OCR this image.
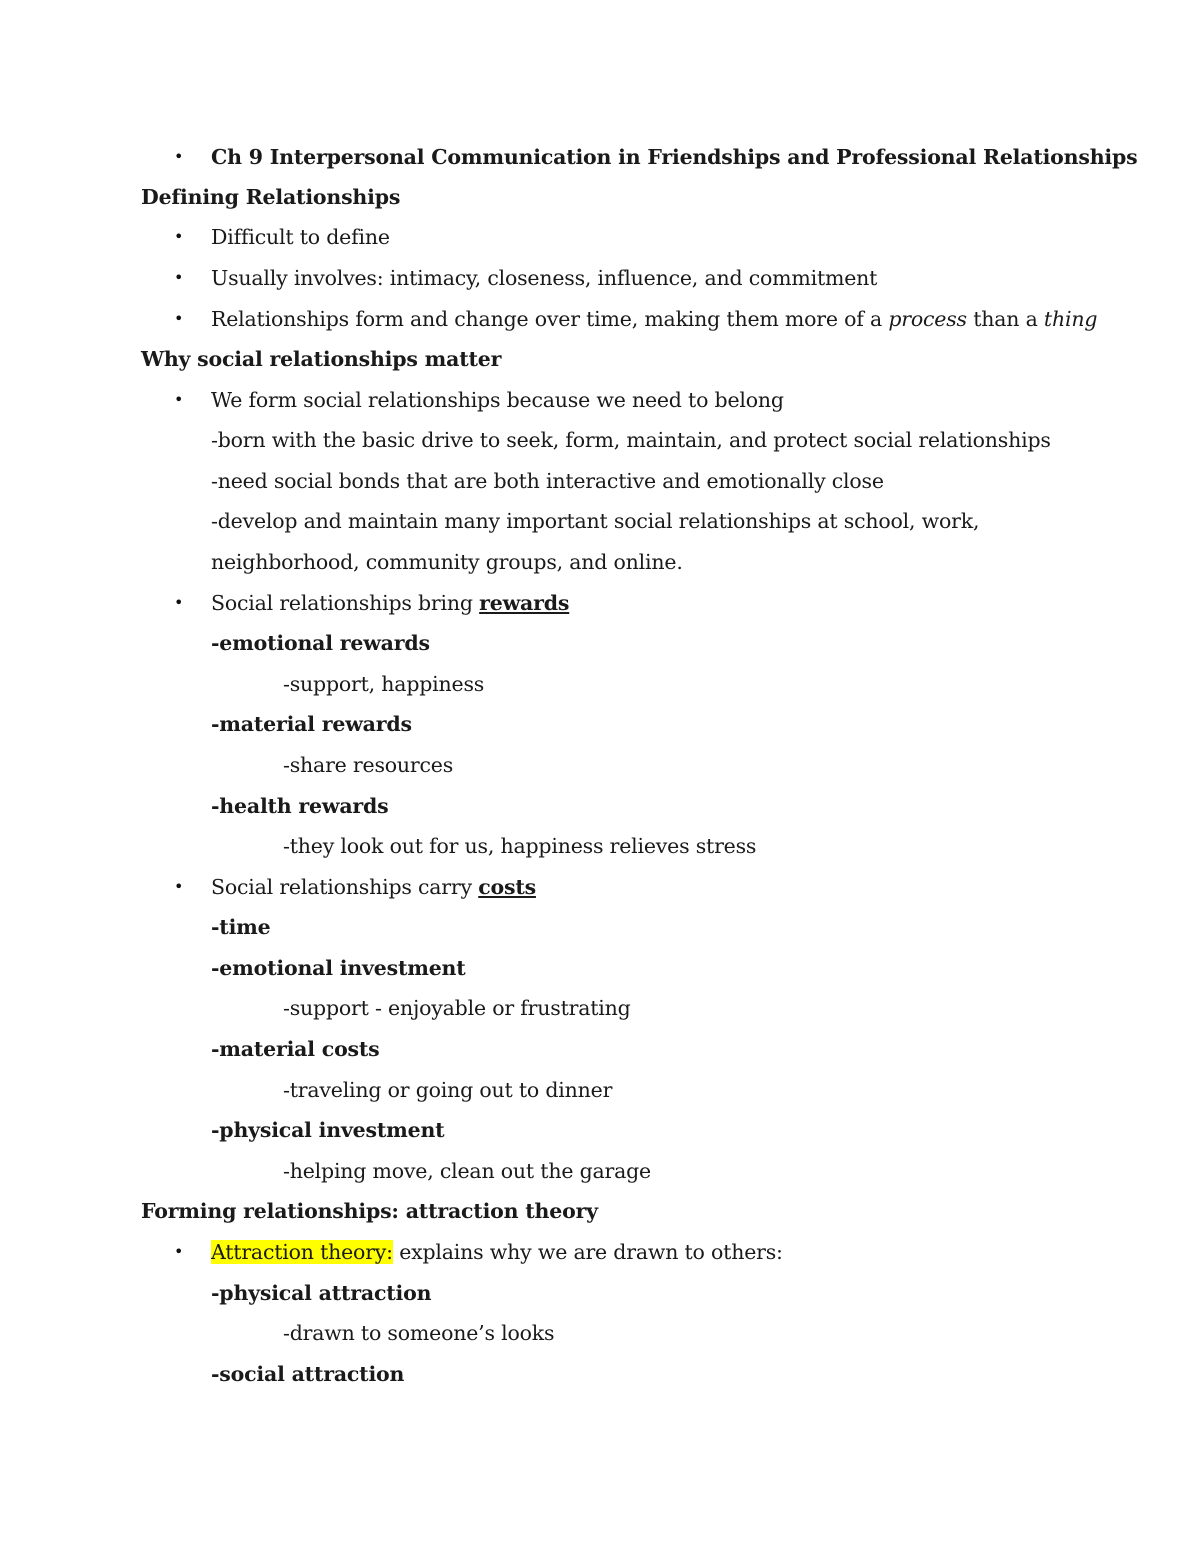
• Ch 9 Interpersonal Communication in Friendships and Professional Relationships
Defining Relationships
• Difficult to define
• Usually involves: intimacy, closeness, influence, and commitment
• Relationships form and change over time, making them more of a process than a thing
Why social relationships matter
• We form social relationships because we need to belong
-born with the basic drive to seek, form, maintain, and protect social relationships
-need social bonds that are both interactive and emotionally close
-develop and maintain many important social relationships at school, work,
neighborhood, community groups, and online.
• Social relationships bring rewards
-emotional rewards
-support, happiness
-material rewards
-share resources
-health rewards
-they look out for us, happiness relieves stress
• Social relationships carry costs
-time
-emotional investment
-support - enjoyable or frustrating
-material costs
-traveling or going out to dinner
-physical investment
-helping move, clean out the garage
Forming relationships: attraction theory
• Attraction theory: explains why we are drawn to others:
-physical attraction
-drawn to someone’s looks
-social attraction
